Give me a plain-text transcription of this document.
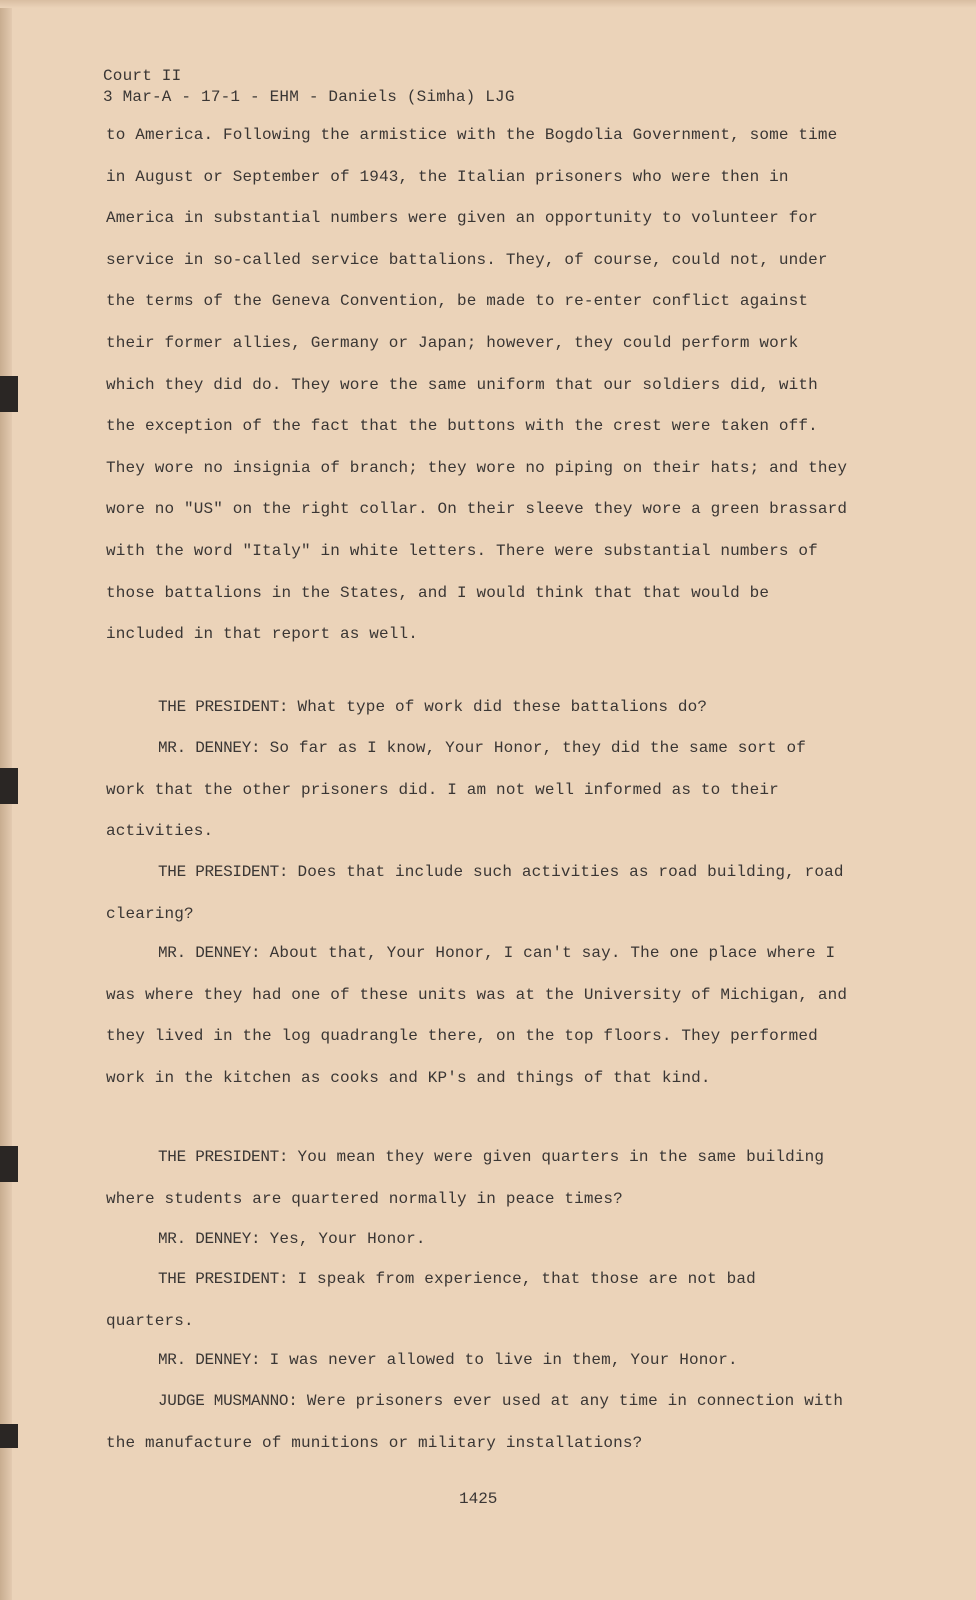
Court II
3 Mar-A - 17-1 - EHM - Daniels (Simha) LJG
to America. Following the armistice with the Bogdolia Government, some time in August or September of 1943, the Italian prisoners who were then in America in substantial numbers were given an opportunity to volunteer for service in so-called service battalions. They, of course, could not, under the terms of the Geneva Convention, be made to re-enter conflict against their former allies, Germany or Japan; however, they could perform work which they did do. They wore the same uniform that our soldiers did, with the exception of the fact that the buttons with the crest were taken off. They wore no insignia of branch; they wore no piping on their hats; and they wore no "US" on the right collar. On their sleeve they wore a green brassard with the word "Italy" in white letters. There were substantial numbers of those battalions in the States, and I would think that that would be included in that report as well.
THE PRESIDENT: What type of work did these battalions do?
MR. DENNEY: So far as I know, Your Honor, they did the same sort of work that the other prisoners did. I am not well informed as to their activities.
THE PRESIDENT: Does that include such activities as road building, road clearing?
MR. DENNEY: About that, Your Honor, I can't say. The one place where I was where they had one of these units was at the University of Michigan, and they lived in the log quadrangle there, on the top floors. They performed work in the kitchen as cooks and KP's and things of that kind.
THE PRESIDENT: You mean they were given quarters in the same building where students are quartered normally in peace times?
MR. DENNEY: Yes, Your Honor.
THE PRESIDENT: I speak from experience, that those are not bad quarters.
MR. DENNEY: I was never allowed to live in them, Your Honor.
JUDGE MUSMANNO: Were prisoners ever used at any time in connection with the manufacture of munitions or military installations?
1425
